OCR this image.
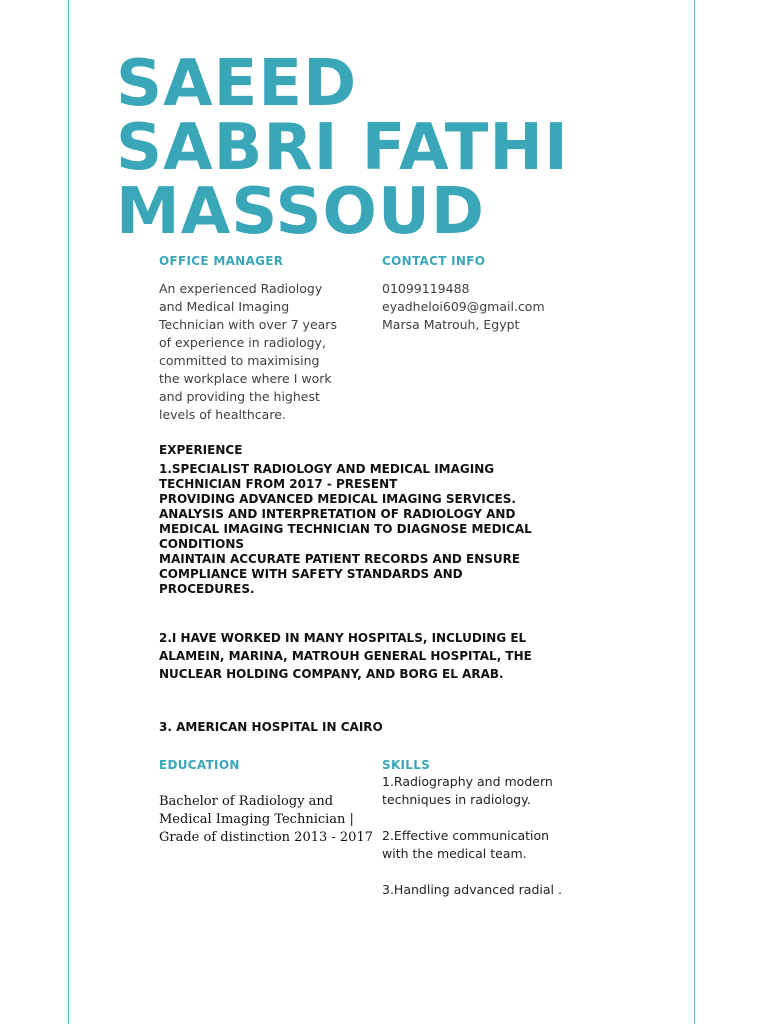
SAEED
SABRI FATHI
MASSOUD

OFFICE MANAGER	CONTACT INFO

An experienced Radiology and Medical Imaging Technician with over 7 years of experience in radiology, committed to maximising the workplace where I work and providing the highest levels of healthcare.

01099119488
eyadheloi609@gmail.com
Marsa Matrouh, Egypt

EXPERIENCE

1.SPECIALIST RADIOLOGY AND MEDICAL IMAGING
TECHNICIAN FROM 2017 - PRESENT
PROVIDING ADVANCED MEDICAL IMAGING SERVICES.
ANALYSIS AND INTERPRETATION OF RADIOLOGY AND
MEDICAL IMAGING TECHNICIAN TO DIAGNOSE MEDICAL
CONDITIONS
MAINTAIN ACCURATE PATIENT RECORDS AND ENSURE
COMPLIANCE WITH SAFETY STANDARDS AND
PROCEDURES.
2.I HAVE WORKED IN MANY HOSPITALS, INCLUDING EL
ALAMEIN, MARINA, MATROUH GENERAL HOSPITAL, THE
NUCLEAR HOLDING COMPANY, AND BORG EL ARAB.
3. AMERICAN HOSPITAL IN CAIRO

EDUCATION	SKILLS

Bachelor of Radiology and Medical Imaging Technician | Grade of distinction 2013 - 2017

1.Radiography and modern techniques in radiology.
2.Effective communication with the medical team.
3.Handling advanced radial .
